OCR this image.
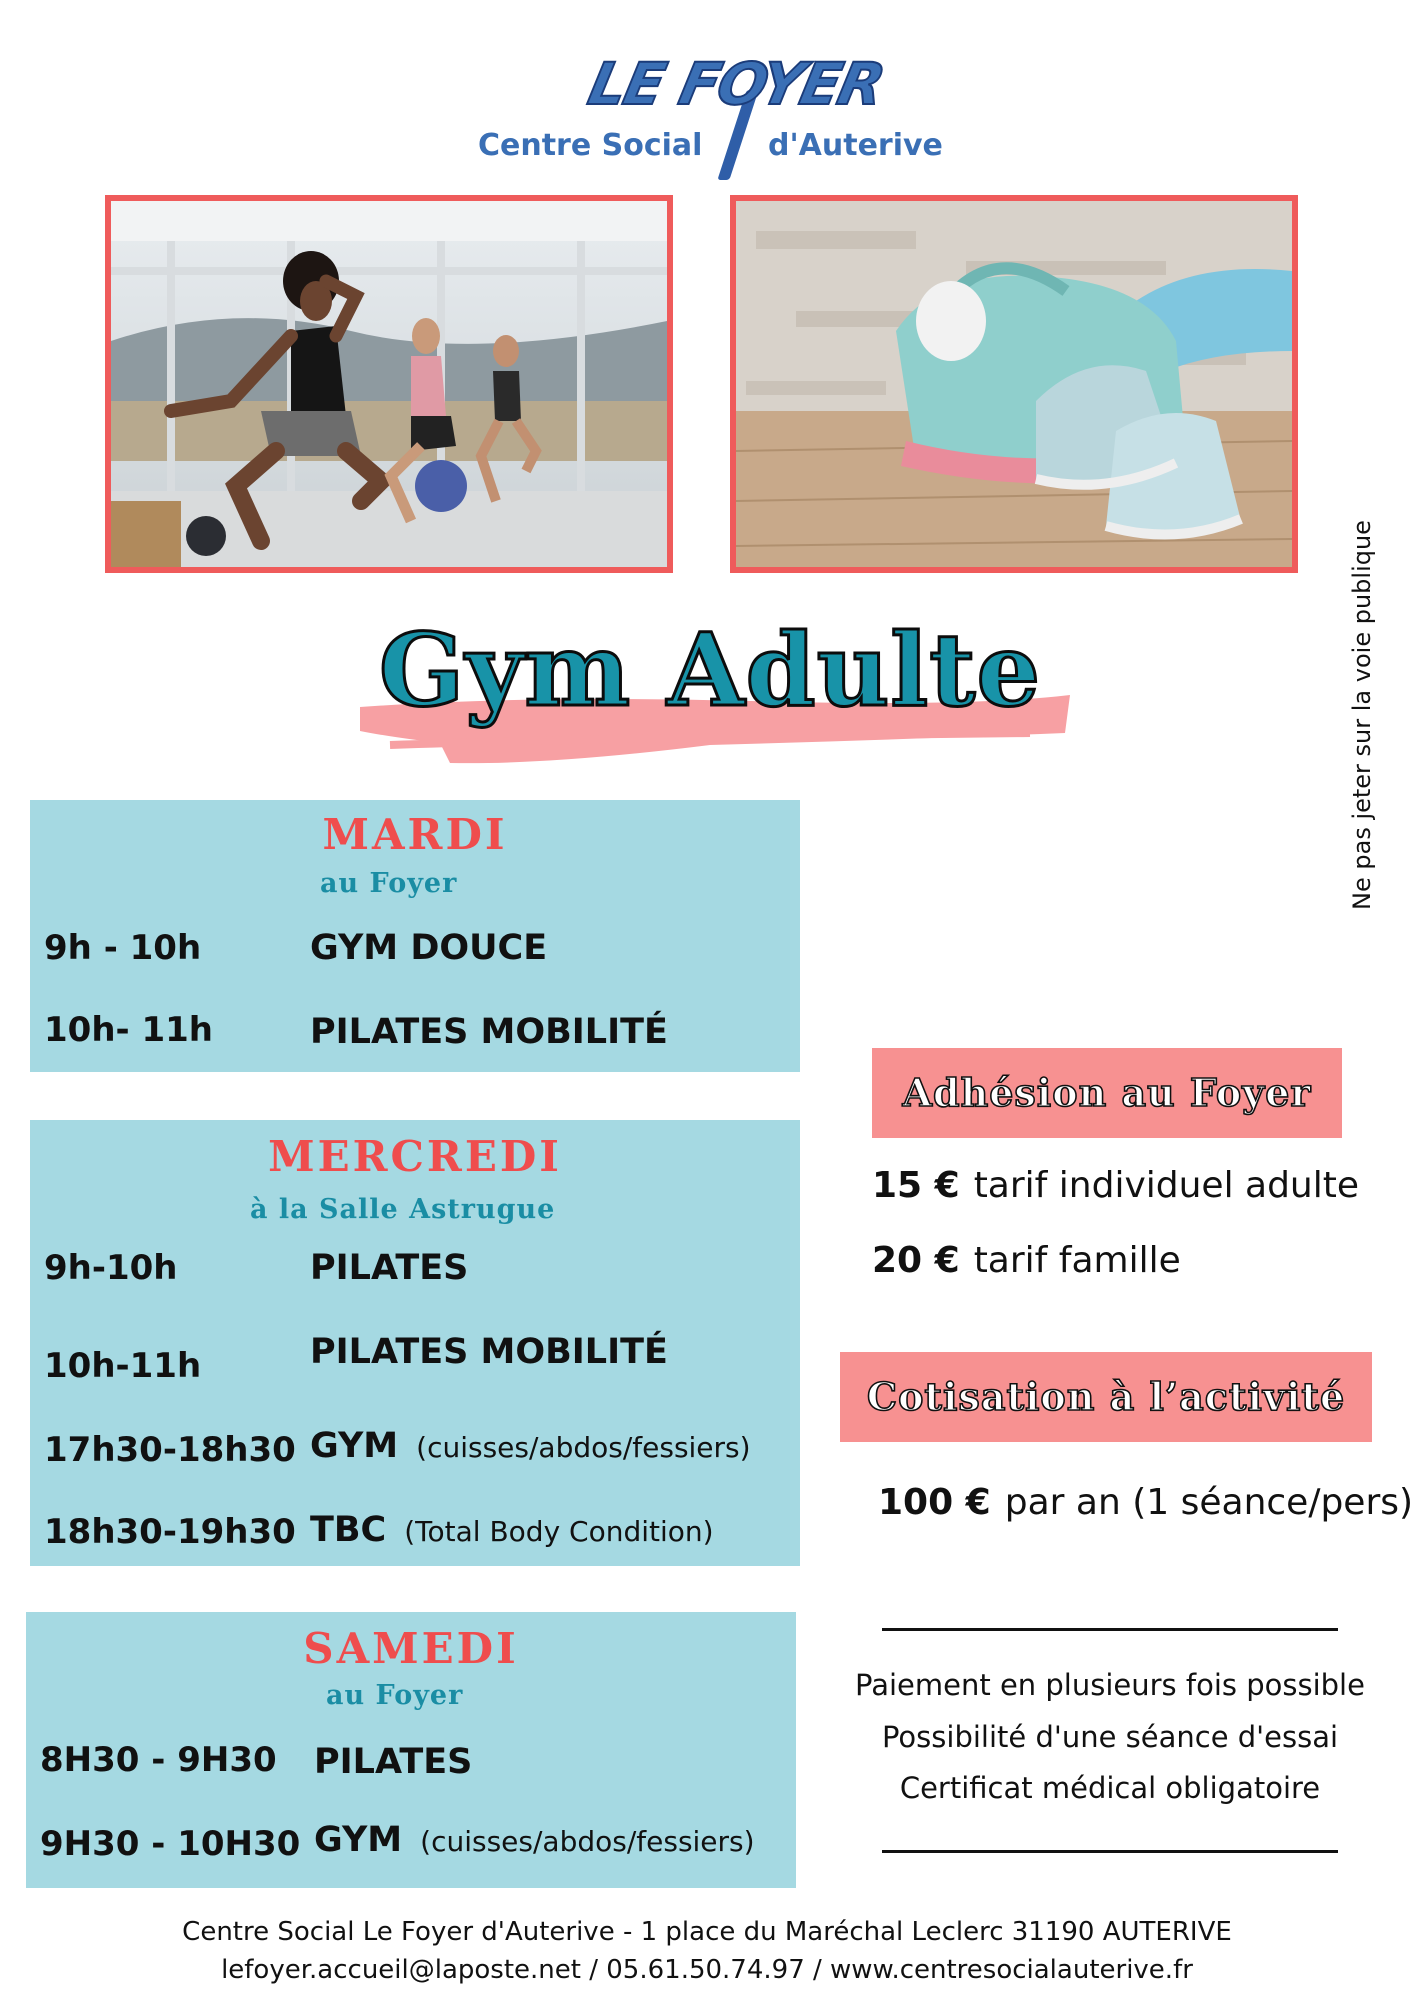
LE FOYER
Centre Social d'Auterive
Ne pas jeter sur la voie publique
Gym Adulte
MARDI
au Foyer
9h - 10h	GYM DOUCE
10h- 11h	PILATES MOBILITÉ
MERCREDI
à la Salle Astrugue
9h-10h	PILATES
10h-11h	PILATES MOBILITÉ
17h30-18h30 GYM (cuisses/abdos/fessiers)
18h30-19h30 TBC (Total Body Condition)
SAMEDI
au Foyer
8H30 - 9H30 PILATES
9H30 - 10H30 GYM (cuisses/abdos/fessiers)
Adhésion au Foyer
15 € tarif individuel adulte
20 € tarif famille
Cotisation à l’activité
100 € par an (1 séance/pers)
Paiement en plusieurs fois possible
Possibilité d'une séance d'essai
Certificat médical obligatoire
Centre Social Le Foyer d'Auterive - 1 place du Maréchal Leclerc 31190 AUTERIVE
lefoyer.accueil@laposte.net / 05.61.50.74.97 / www.centresocialauterive.fr
